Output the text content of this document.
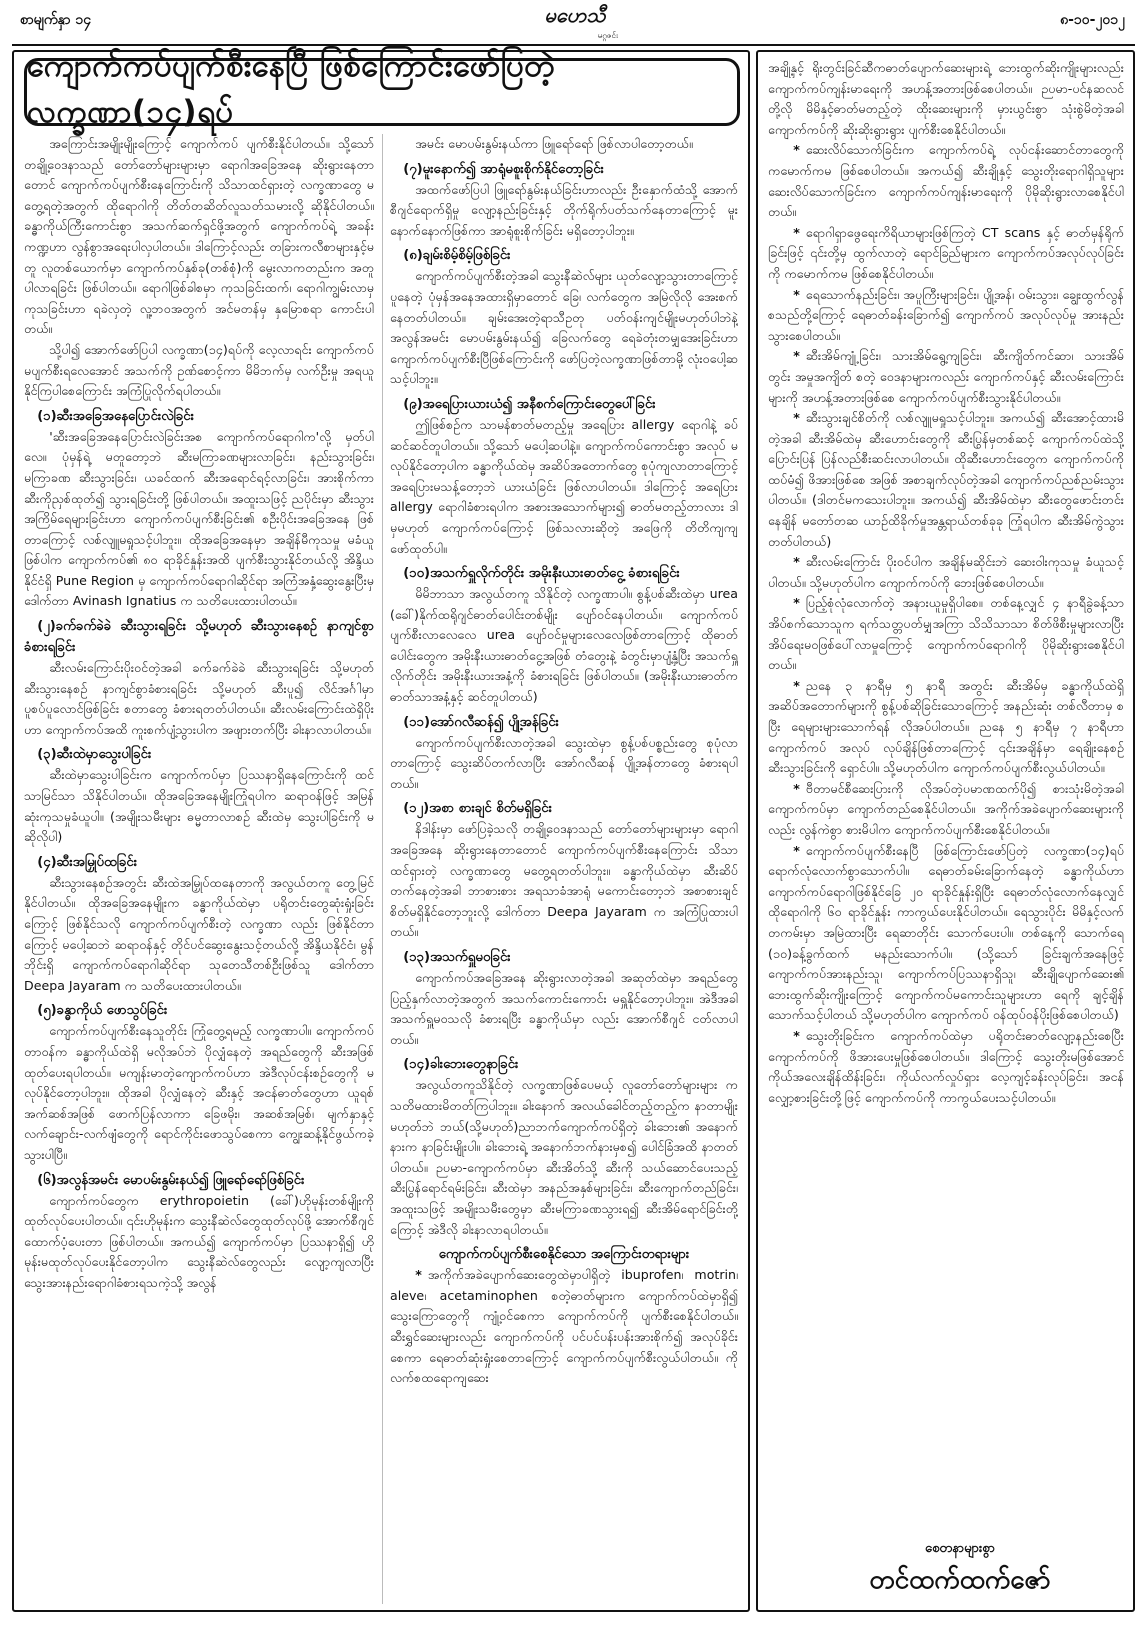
စာမျက်နှာ ၁၄	မဟေသီ
မဂ္ဂဇင်း
၈-၁၀-၂၀၁၂
ကျောက်ကပ်ပျက်စီးနေပြီ ဖြစ်ကြောင်းဖော်ပြတဲ့ လက္ခဏာ(၁၄)ရပ်

အကြောင်းအမျိုးမျိုးကြောင့် ကျောက်ကပ် ပျက်စီးနိုင်ပါတယ်။ သို့သော် တချို့ဝေဒနာသည် တော်တော်များများမှာ ရောဂါအခြေအနေ ဆိုးရွားနေတာတောင် ကျောက်ကပ်ပျက်စီးနေကြောင်းကို သိသာထင်ရှားတဲ့ လက္ခဏာတွေ မတွေ့ရတဲ့အတွက် ထိုရောဂါကို တိတ်တဆိတ်လူသတ်သမားလို့ ဆိုနိုင်ပါတယ်။ ခန္ဓာကိုယ်ကြီးကောင်းစွာ အသက်ဆက်ရှင်ဖို့အတွက် ကျောက်ကပ်ရဲ့ အခန်းကဏ္ဍဟာ လွန်စွာအရေးပါလှပါတယ်။ ဒါကြောင့်လည်း တခြားကလီစာများနှင့်မတူ လူတစ်ယောက်မှာ ကျောက်ကပ်နှစ်ခု(တစ်စုံ)ကို မွေးလာကတည်းက အတူပါလာရခြင်း ဖြစ်ပါတယ်။ ရောဂါဖြစ်ခါစမှာ ကုသခြင်းထက်၊ ရောဂါကျွမ်းလာမှ ကုသခြင်းဟာ ရခဲလှတဲ့ လူ့ဘဝအတွက် အင်မတန်မှ နှမြောစရာ ကောင်းပါတယ်။

သို့ပါ၍ အောက်ဖော်ပြပါ လက္ခဏာ(၁၄)ရပ်ကို လေ့လာရင်း ကျောက်ကပ်မပျက်စီးရလေအောင် အသက်ကို ဥဏ်စောင့်ကာ မိမိဘက်မှ လက်ဦးမှု အရယူနိုင်ကြပါစေကြောင်း အကြံပြုလိုက်ရပါတယ်။

(၁)ဆီးအခြေအနေပြောင်းလဲခြင်း

'ဆီးအခြေအနေပြောင်းလဲခြင်းအစ ကျောက်ကပ်ရောဂါက'လို့ မှတ်ပါလေ။ ပုံမှန်ရဲ့ မတူတော့ဘဲ ဆီးမကြာခဏများလာခြင်း၊ နည်းသွားခြင်း၊ မကြာခဏ ဆီးသွားခြင်း၊ ယခင်ထက် ဆီးအရောင်ရင့်လာခြင်း၊ အားစိုက်ကာ ဆီးကိုညှစ်ထုတ်၍ သွားရခြင်းတို့ ဖြစ်ပါတယ်။ အထူးသဖြင့် ညပိုင်းမှာ ဆီးသွားအကြိမ်ရေများခြင်းဟာ ကျောက်ကပ်ပျက်စီးခြင်း၏ စဦးပိုင်းအခြေအနေ ဖြစ်တာကြောင့် လစ်လျူမရှုသင့်ပါဘူး။ ထိုအခြေအနေမှာ အချိန်မီကုသမှု မခံယူဖြစ်ပါက ကျောက်ကပ်၏ ၈၀ ရာခိုင်နှုန်းအထိ ပျက်စီးသွားနိုင်တယ်လို့ အိန္ဒိယနိုင်ငံရှိ Pune Region မှ ကျောက်ကပ်ရောဂါဆိုင်ရာ အကြံအနှံ့ဆွေးနွေးပြီးမှ ဒေါက်တာ Avinash Ignatius က သတိပေးထားပါတယ်။

(၂)ခက်ခက်ခဲခဲ ဆီးသွားရခြင်း သို့မဟုတ် ဆီးသွားနေစဉ် နာကျင်စွာခံစားရခြင်း

ဆီးလမ်းကြောင်းပိုးဝင်တဲ့အခါ ခက်ခက်ခဲခဲ ဆီးသွားရခြင်း သို့မဟုတ် ဆီးသွားနေစဉ် နာကျင်စွာခံစားရခြင်း သို့မဟုတ် ဆီးပူ၍ လိင်အင်္ဂါမှာ ပူစပ်ပူလောင်ဖြစ်ခြင်း စတာတွေ ခံစားရတတ်ပါတယ်။ ဆီးလမ်းကြောင်းထဲရှိပိုးဟာ ကျောက်ကပ်အထိ ကူးစက်ပျံ့သွားပါက အဖျားတက်ပြီး ခါးနာလာပါတယ်။

(၃)ဆီးထဲမှာသွေးပါခြင်း

ဆီးထဲမှာသွေးပါခြင်းက ကျောက်ကပ်မှာ ပြဿနာရှိနေကြောင်းကို ထင်သာမြင်သာ သိနိုင်ပါတယ်။ ထိုအခြေအနေမျိုးကြုံရပါက ဆရာဝန်ဖြင့် အမြန်ဆုံးကုသမှုခံယူပါ။ (အမျိုးသမီးများ ဓမ္မတာလာစဉ် ဆီးထဲမှ သွေးပါခြင်းကို မဆိုလိုပါ)

(၄)ဆီးအမြှုပ်ထခြင်း

ဆီးသွားနေစဉ်အတွင်း ဆီးထဲအမြှုပ်ထနေတာကို အလွယ်တကူ တွေ့မြင်နိုင်ပါတယ်။ ထိုအခြေအနေမျိုးက ခန္ဓာကိုယ်ထဲမှာ ပရိုတင်းတွေဆုံးရှုံးခြင်းကြောင့် ဖြစ်နိုင်သလို ကျောက်ကပ်ပျက်စီးတဲ့ လက္ခဏာ လည်း ဖြစ်နိုင်တာကြောင့် မပေါ့ဆဘဲ ဆရာဝန်နှင့် တိုင်ပင်ဆွေးနွေးသင့်တယ်လို့ အိန္ဒိယနိုင်ငံ၊ မွန်ဘိုင်းရှိ ကျောက်ကပ်ရောဂါဆိုင်ရာ သုတေသီတစ်ဦးဖြစ်သူ ဒေါက်တာ Deepa Jayaram က သတိပေးထားပါတယ်။

(၅)ခန္ဓာကိုယ် ဖောသွပ်ခြင်း

ကျောက်ကပ်ပျက်စီးနေသူတိုင်း ကြုံတွေ့ရမည့် လက္ခဏာပါ။ ကျောက်ကပ်တာဝန်က ခန္ဓာကိုယ်ထဲရှိ မလိုအပ်ဘဲ ပိုလျှံနေတဲ့ အရည်တွေကို ဆီးအဖြစ်ထုတ်ပေးရပါတယ်။ မကျန်းမာတဲ့ကျောက်ကပ်ဟာ အဲဒီလုပ်ငန်းစဉ်တွေကို မလုပ်နိုင်တော့ပါဘူး။ ထိုအခါ ပိုလျှံနေတဲ့ ဆီးနှင့် အငန်ဓာတ်တွေဟာ ယူရစ်အက်ဆစ်အဖြစ် ဖောက်ပြန်လာကာ ခြေဖမိုး၊ အဆစ်အမြစ်၊ မျက်နှာနှင့် လက်ချောင်း-လက်ဖျံတွေကို ရောင်ကိုင်းဖောသွပ်စေကာ ကျွေးဆန့်နိုင်ဖွယ်ကခဲ့သွားပါပြီ။

(၆)အလွန်အမင်း မောပမ်းနွမ်းနယ်၍ ဖြူရော်ရော်ဖြစ်ခြင်း

ကျောက်ကပ်တွေက erythropoietin (ခေါ်)ဟိုမုန်းတစ်မျိုးကို ထုတ်လုပ်ပေးပါတယ်။ ၎င်းဟိုမုန်းက သွေးနီဆဲလ်တွေထုတ်လုပ်ဖို့ အောက်စီဂျင် ထောက်ပံ့ပေးတာ ဖြစ်ပါတယ်။ အကယ်၍ ကျောက်ကပ်မှာ ပြဿနာရှိ၍ ဟိုမုန်းမထုတ်လုပ်ပေးနိုင်တော့ပါက သွေးနီဆဲလ်တွေလည်း လျော့ကျလာပြီး သွေးအားနည်းရောဂါခံစားရသကဲ့သို့ အလွန်

အမင်း မောပမ်းနွမ်းနယ်ကာ ဖြူရော်ရော် ဖြစ်လာပါတော့တယ်။

(၇)မူးနောက်၍ အာရုံမစူးစိုက်နိုင်တော့ခြင်း

အထက်ဖော်ပြပါ ဖြူရော်နွမ်းနယ်ခြင်းဟာလည်း ဦးနှောက်ထံသို့ အောက်စီဂျင်ရောက်ရှိမှု လျော့နည်းခြင်းနှင့် တိုက်ရိုက်ပတ်သက်နေတာကြောင့် မူးနောက်နောက်ဖြစ်ကာ အာရုံစူးစိုက်ခြင်း မရှိတော့ပါဘူး။

(၈)ချမ်းစိမ့်စိမ့်ဖြစ်ခြင်း

ကျောက်ကပ်ပျက်စီးတဲ့အခါ သွေးနီဆဲလ်များ ယုတ်လျော့သွားတာကြောင့် ပူနေတဲ့ ပုံမှန်အနေအထားရှိမှာတောင် ခြေ၊ လက်တွေက အမြဲလိုလို အေးစက်နေတတ်ပါတယ်။ ချမ်းအေးတဲ့ရာသီဥတု ပတ်ဝန်းကျင်မျိုးမဟုတ်ပါဘဲနဲ့ အလွန်အမင်း မောပမ်းနွမ်းနယ်၍ ခြေလက်တွေ ရေခဲတုံးတမျှအေးခြင်းဟာ ကျောက်ကပ်ပျက်စီးပြီဖြစ်ကြောင်းကို ဖော်ပြတဲ့လက္ခဏာဖြစ်တာမို့ လုံးဝပေါ့ဆသင့်ပါဘူး။

(၉)အရေပြားယားယံ၍ အနီစက်ကြောင်းတွေပေါ်ခြင်း

ဤဖြစ်စဉ်က သာမန်စာတ်မတည့်မှု အရေပြား allergy ရောဂါနဲ့ ခပ်ဆင်ဆင်တူပါတယ်။ သို့သော် မပေါ့ဆပါနဲ့။ ကျောက်ကပ်ကောင်းစွာ အလုပ် မလုပ်နိုင်တော့ပါက ခန္ဓာကိုယ်ထဲမှ အဆိပ်အတောက်တွေ စုပုံကျလာတာကြောင့် အရေပြားမသန့်တော့ဘဲ ယားယံခြင်း ဖြစ်လာပါတယ်။ ဒါကြောင့် အရေပြား allergy ရောဂါခံစားရပါက အစားအသောက်များ၍ ဓာတ်မတည့်တာလား ဒါမှမဟုတ် ကျောက်ကပ်ကြောင့် ဖြစ်သလားဆိုတဲ့ အဖြေကို တိတိကျကျဖော်ထုတ်ပါ။

(၁၀)အသက်ရှူလိုက်တိုင်း အမိုးနီးယားဓာတ်ငွေ့ ခံစားရခြင်း

မိမိဘာသာ အလွယ်တကူ သိနိုင်တဲ့ လက္ခဏာပါ။ စွန့်ပစ်ဆီးထဲမှာ urea (ခေါ်)နိုက်ထရိုဂျင်ဓာတ်ပေါင်းတစ်မျိုး ပျော်ဝင်နေပါတယ်။ ကျောက်ကပ်ပျက်စီးလာလေလေ urea ပျော်ဝင်မှုများလေလေဖြစ်တာကြောင့် ထိုဓာတ်ပေါင်းတွေက အမိုးနီးယားဓာတ်ငွေ့အဖြစ် တံတွေးနဲ့ ခံတွင်းမှာပျံ့နှံ့ပြီး အသက်ရှူလိုက်တိုင်း အမိုးနီးယားအနံ့ကို ခံစားရခြင်း ဖြစ်ပါတယ်။ (အမိုးနီးယားဓာတ်က ဓာတ်သာအနံ့နှင့် ဆင်တူပါတယ်)

(၁၁)အော်ဂလီဆန်၍ ပျို့အန်ခြင်း

ကျောက်ကပ်ပျက်စီးလာတဲ့အခါ သွေးထဲမှာ စွန့်ပစ်ပစ္စည်းတွေ စုပုံလာတာကြောင့် သွေးဆိပ်တက်လာပြီး အော်ဂလီဆန် ပျို့အန်တာတွေ ခံစားရပါတယ်။

(၁၂)အစာ စားချင် စိတ်မရှိခြင်း

နိဒါန်းမှာ ဖော်ပြခဲ့သလို တချို့ဝေဒနာသည် တော်တော်များများမှာ ရောဂါအခြေအနေ ဆိုးရွားနေတာတောင် ကျောက်ကပ်ပျက်စီးနေကြောင်း သိသာထင်ရှားတဲ့ လက္ခဏာတွေ မတွေ့ရတတ်ပါဘူး။ ခန္ဓာကိုယ်ထဲမှာ ဆီးဆိပ်တက်နေတဲ့အခါ ဘာစားစား အရသာခံအာရုံ မကောင်းတော့ဘဲ အစာစားချင်စိတ်မရှိနိုင်တော့ဘူးလို့ ဒေါက်တာ Deepa Jayaram က အကြံပြုထားပါတယ်။

(၁၃)အသက်ရှူမဝခြင်း

ကျောက်ကပ်အခြေအနေ ဆိုးရွားလာတဲ့အခါ အဆုတ်ထဲမှာ အရည်တွေ ပြည့်နှက်လာတဲ့အတွက် အသက်ကောင်းကောင်း မရှူနိုင်တော့ပါဘူး။ အဲဒီအခါ အသက်ရှူမဝသလို ခံစားရပြီး ခန္ဓာကိုယ်မှာ လည်း အောက်စီဂျင် ငတ်လာပါတယ်။

(၁၄)ခါးဘေးတွေနာခြင်း

အလွယ်တကူသိနိုင်တဲ့ လက္ခဏာဖြစ်ပေမယ့် လူတော်တော်များများ က သတိမထားမိတတ်ကြပါဘူး။ ခါးနောက် အလယ်ခေါင်တည့်တည့်က နာတာမျိုးမဟုတ်ဘဲ ဘယ်(သို့မဟုတ်)ညာဘက်ကျောက်ကပ်ရှိတဲ့ ခါးဘေး၏ အနောက်နားက နာခြင်းမျိုးပါ။ ခါးဘေးရဲ့ အနောက်ဘက်နားမှစ၍ ပေါင်ခြံအထိ နာတတ်ပါတယ်။ ဉပမာ-ကျောက်ကပ်မှာ ဆီးအိတ်သို့ ဆီးကို သယ်ဆောင်ပေးသည့် ဆီးပြွန်ရောင်ရမ်းခြင်း၊ ဆီးထဲမှာ အနည်အနှစ်များခြင်း၊ ဆီးကျောက်တည်ခြင်း၊ အထူးသဖြင့် အမျိုးသမီးတွေမှာ ဆီးမကြာခဏသွားရ၍ ဆီးအိမ်ရောင်ခြင်းတို့ကြောင့် အဲဒီလို ခါးနာလာရပါတယ်။

ကျောက်ကပ်ပျက်စီးစေနိုင်သော အကြောင်းတရားများ

* အကိုက်အခဲပျောက်ဆေးတွေထဲမှာပါရှိတဲ့ ibuprofen၊ motrin၊ aleve၊ acetaminophen စတဲ့ဓာတ်များက ကျောက်ကပ်ထဲမှာရှိ၍ သွေးကြောတွေကို ကျုံ့ဝင်စေကာ ကျောက်ကပ်ကို ပျက်စီးစေနိုင်ပါတယ်။ ဆီးရွှင်ဆေးများလည်း ကျောက်ကပ်ကို ပင်ပင်ပန်းပန်းအားစိုက်၍ အလုပ်ခိုင်းစေကာ ရေဓာတ်ဆုံးရှုံးစေတာကြောင့် ကျောက်ကပ်ပျက်စီးလွယ်ပါတယ်။ ကိုလက်စထရောကျဆေး

အချို့နှင့် ရိုးတွင်းခြင်ဆီကဓာတ်ပျောက်ဆေးများရဲ့ ဘေးထွက်ဆိုးကျိုးများလည်း ကျောက်ကပ်ကျန်းမာရေးကို အဟန့်အတားဖြစ်စေပါတယ်။ ဉပမာ-ပင်နဆလင်တို့လို မိမိနှင့်ဓာတ်မတည့်တဲ့ ထိုးဆေးများကို မှားယွင်းစွာ သုံးစွဲမိတဲ့အခါ ကျောက်ကပ်ကို ဆိုးဆိုးရွားရွား ပျက်စီးစေနိုင်ပါတယ်။

* ဆေးလိပ်သောက်ခြင်းက ကျောက်ကပ်ရဲ့ လုပ်ငန်းဆောင်တာတွေကို ကမောက်ကမ ဖြစ်စေပါတယ်။ အကယ်၍ ဆီးချိုနှင့် သွေးတိုးရောဂါရှိသူများ ဆေးလိပ်သောက်ခြင်းက ကျောက်ကပ်ကျန်းမာရေးကို ပိုမိုဆိုးရွားလာစေနိုင်ပါတယ်။

* ရောဂါရှာဖွေရေးကိရိယာများဖြစ်ကြတဲ့ CT scans နှင့် ဓာတ်မှန်ရိုက်ခြင်းဖြင့် ၎င်းတို့မှ ထွက်လာတဲ့ ရောင်ခြည်များက ကျောက်ကပ်အလုပ်လုပ်ခြင်းကို ကမောက်ကမ ဖြစ်စေနိုင်ပါတယ်။

* ရေသောက်နည်းခြင်း၊ အပူကြီးများခြင်း၊ ပျို့အန်၊ ဝမ်းသွား၊ ချွေးထွက်လွန် စသည်တို့ကြောင့် ရေဓာတ်ခန်းခြောက်၍ ကျောက်ကပ် အလုပ်လုပ်မှု အားနည်းသွားစေပါတယ်။

* ဆီးအိမ်ကျုံ့ခြင်း၊ သားအိမ်ရွေ့ကျခြင်း၊ ဆီးကျိတ်ကင်ဆာ၊ သားအိမ်တွင်း အမှုအကျိတ် စတဲ့ ဝေဒနာများကလည်း ကျောက်ကပ်နှင့် ဆီးလမ်းကြောင်းများကို အဟန့်အတားဖြစ်စေ ကျောက်ကပ်ပျက်စီးသွားနိုင်ပါတယ်။

* ဆီးသွားချင်စိတ်ကို လစ်လျူမရှုသင့်ပါဘူး။ အကယ်၍ ဆီးအောင့်ထားမိတဲ့အခါ ဆီးအိမ်ထဲမှ ဆီးဟောင်းတွေကို ဆီးပြွန်မှတစ်ဆင့် ကျောက်ကပ်ထဲသို့ ပြောင်းပြန် ပြန်လည်စီးဆင်းလာပါတယ်။ ထိုဆီးဟောင်းတွေက ကျောက်ကပ်ကို ထပ်မံ၍ ဖိအားဖြစ်စေ အဖြစ် အစာချက်လုပ်တဲ့အခါ ကျောက်ကပ်ညစ်ညမ်းသွားပါတယ်။ (ဒါတင်မကသေးပါဘူး။ အကယ်၍ ဆီးအိမ်ထဲမှာ ဆီးတွေဖောင်းတင်းနေချိန် မတော်တဆ ယာဉ်ထိခိုက်မှုအန္တရာယ်တစ်ခုခု ကြုံရပါက ဆီးအိမ်ကွဲသွားတတ်ပါတယ်)

* ဆီးလမ်းကြောင်း ပိုးဝင်ပါက အချိန်မဆိုင်းဘဲ ဆေးဝါးကုသမှု ခံယူသင့်ပါတယ်။ သို့မဟုတ်ပါက ကျောက်ကပ်ကို ဘေးဖြစ်စေပါတယ်။

* ပြည့်စုံလုံလောက်တဲ့ အနားယူမှုရှိပါစေ။ တစ်နေ့လျှင် ၄ နာရီခွဲခန့်သာ အိပ်စက်သောသူက ရက်သတ္တပတ်မျှအကြာ သိသိသာသာ စိတ်ဖိစီးမှုများလာပြီး အိပ်ရေးမဝဖြစ်ပေါ်လာမှုကြောင့် ကျောက်ကပ်ရောဂါကို ပိုမိုဆိုးရွားစေနိုင်ပါတယ်။

* ညနေ ၃ နာရီမှ ၅ နာရီ အတွင်း ဆီးအိမ်မှ ခန္ဓာကိုယ်ထဲရှိ အဆိပ်အတောက်များကို စွန့်ပစ်ဆိုခြင်းသောကြောင့် အနည်းဆုံး တစ်လီတာမှ စပြီး ရေများများသောက်ရန် လိုအပ်ပါတယ်။ ညနေ ၅ နာရီမှ ၇ နာရီဟာ ကျောက်ကပ် အလုပ် လုပ်ချိန်ဖြစ်တာကြောင့် ၎င်းအချိန်မှာ ရေချိုးနေစဉ် ဆီးသွားခြင်းကို ရှောင်ပါ။ သို့မဟုတ်ပါက ကျောက်ကပ်ပျက်စီးလွယ်ပါတယ်။

* ဗီတာမင်စီဆေးပြားကို လိုအပ်တဲ့ပမာဏထက်ပို၍ စားသုံးမိတဲ့အခါ ကျောက်ကပ်မှာ ကျောက်တည်စေနိုင်ပါတယ်။ အကိုက်အခဲပျောက်ဆေးများကိုလည်း လွန်ကဲစွာ စားမိပါက ကျောက်ကပ်ပျက်စီးစေနိုင်ပါတယ်။

* ကျောက်ကပ်ပျက်စီးနေပြီ ဖြစ်ကြောင်းဖော်ပြတဲ့ လက္ခဏာ(၁၄)ရပ် ရောက်လုံလောက်စွာသောက်ပါ။ ရေဓာတ်ခမ်းခြောက်နေတဲ့ ခန္ဓာကိုယ်ဟာ ကျောက်ကပ်ရောဂါဖြစ်နိုင်ခြေ ၂၀ ရာခိုင်နှုန်းရှိပြီး ရေဓာတ်လုံလောက်နေလျှင် ထိုရောဂါကို ၆၀ ရာခိုင်နှုန်း ကာကွယ်ပေးနိုင်ပါတယ်။ ရေသွားပိုင်း မိမိနှင့်လက်တကမ်းမှာ အမြဲထားပြီး ရေဆာတိုင်း သောက်ပေးပါ။ တစ်နေ့ကို သောက်ရေ (၁၀)ခန့်ခွက်ထက် မနည်းသောက်ပါ။ (သို့သော် ခြင်းချက်အနေဖြင့် ကျောက်ကပ်အားနည်းသူ၊ ကျောက်ကပ်ပြဿနာရှိသူ၊ ဆီးချိုပျောက်ဆေး၏ ဘေးထွက်ဆိုးကျိုးကြောင့် ကျောက်ကပ်မကောင်းသူများဟာ ရေကို ချင့်ချိန်သောက်သင့်ပါတယ် သို့မဟုတ်ပါက ကျောက်ကပ် ဝန်ထုပ်ဝန်ပိုးဖြစ်စေပါတယ်)

* သွေးတိုးခြင်းက ကျောက်ကပ်ထဲမှာ ပရိုတင်းဓာတ်လျော့နည်းစေပြီး ကျောက်ကပ်ကို ဖိအားပေးမှုဖြစ်စေပါတယ်။ ဒါကြောင့် သွေးတိုးမဖြစ်အောင် ကိုယ်အလေးချိန်ထိန်းခြင်း၊ ကိုယ်လက်လှုပ်ရှား လေ့ကျင့်ခန်းလုပ်ခြင်း၊ အငန်လျှော့စားခြင်းတို့ဖြင့် ကျောက်ကပ်ကို ကာကွယ်ပေးသင့်ပါတယ်။

စေတနာများစွာ
တင်ထက်ထက်ဇော်
